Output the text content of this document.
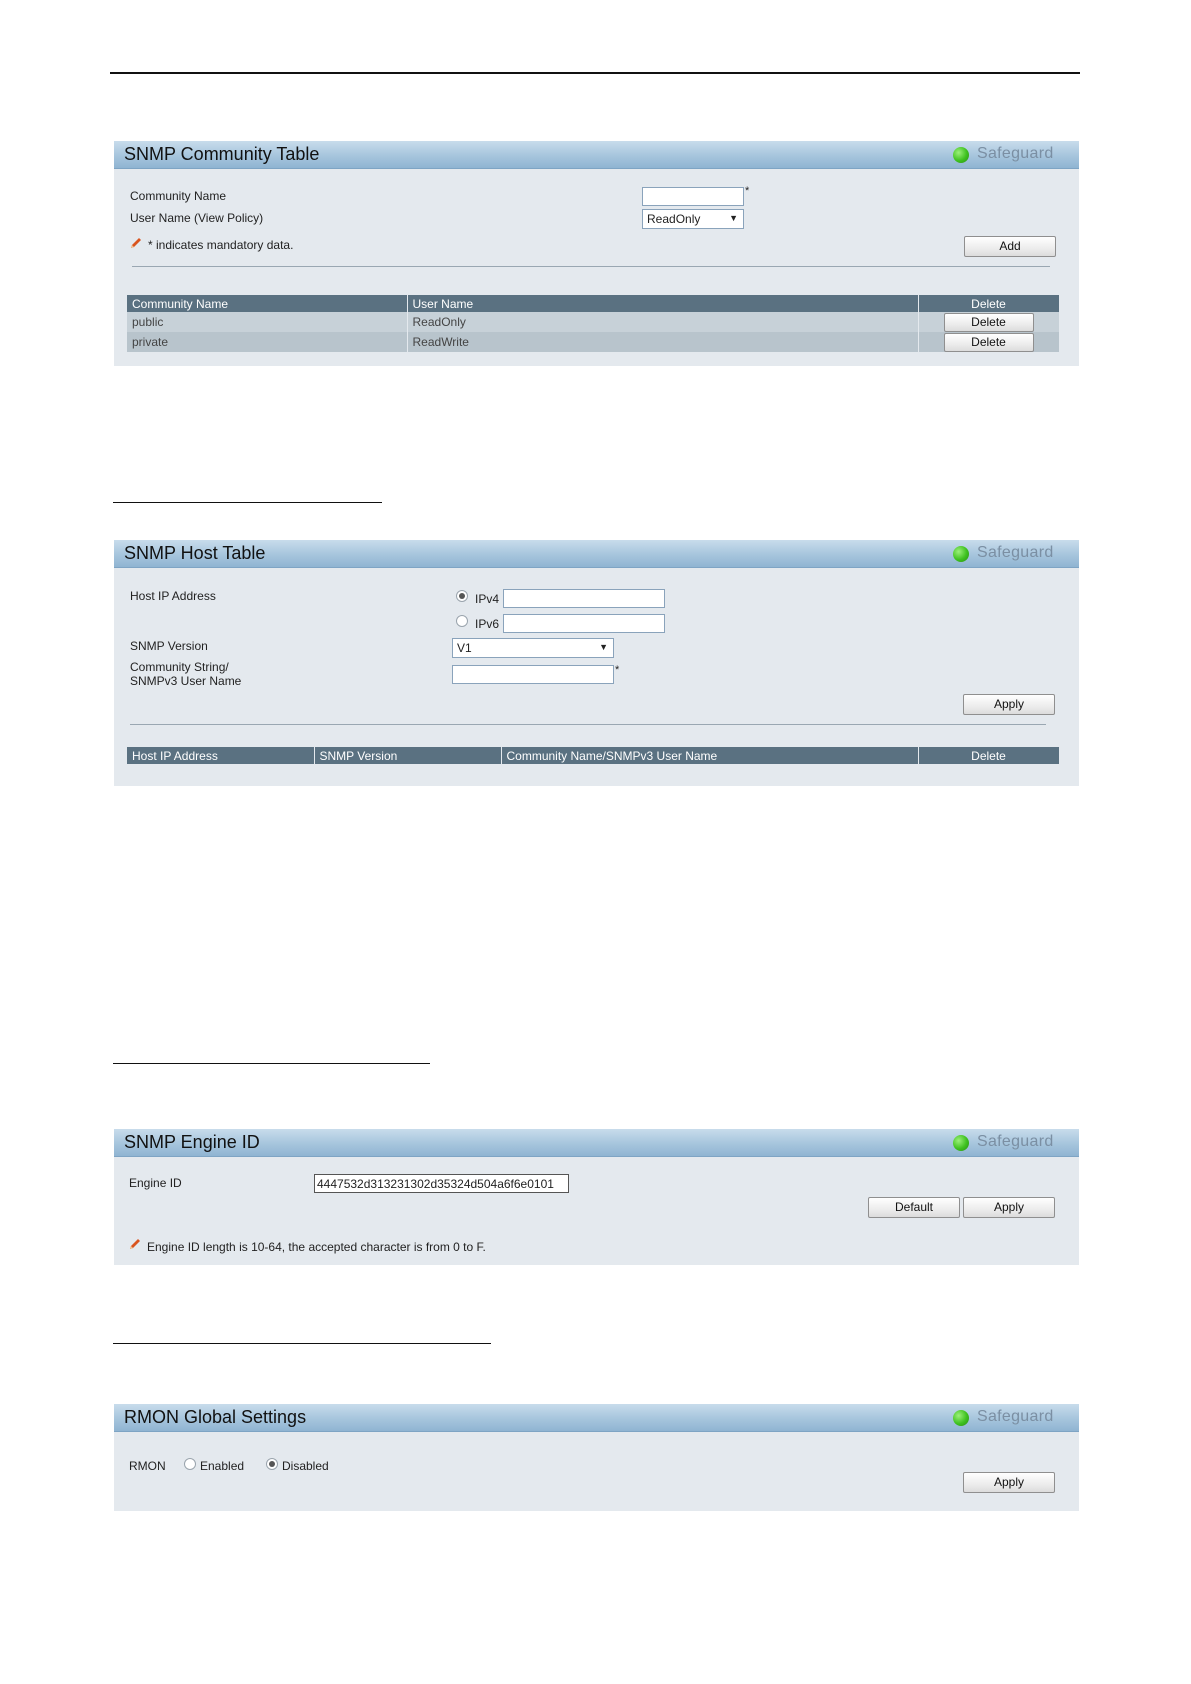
SNMP Community Table	Safeguard
Community Name	*
User Name (View Policy)	ReadOnly	▼
* indicates mandatory data.	Add
Community Name	User Name	Delete
public	ReadOnly	Delete
private	ReadWrite	Delete
SNMP Host Table	Safeguard
Host IP Address	IPv4
IPv6
SNMP Version	V1	▼
Community String/
SNMPv3 User Name
*
Apply
Host IP Address	SNMP Version	Community Name/SNMPv3 User Name	Delete
SNMP Engine ID	Safeguard
Engine ID
4447532d313231302d35324d504a6f6e0101
Default	Apply
Engine ID length is 10-64, the accepted character is from 0 to F.
RMON Global Settings	Safeguard
RMON	Enabled	Disabled
Apply
